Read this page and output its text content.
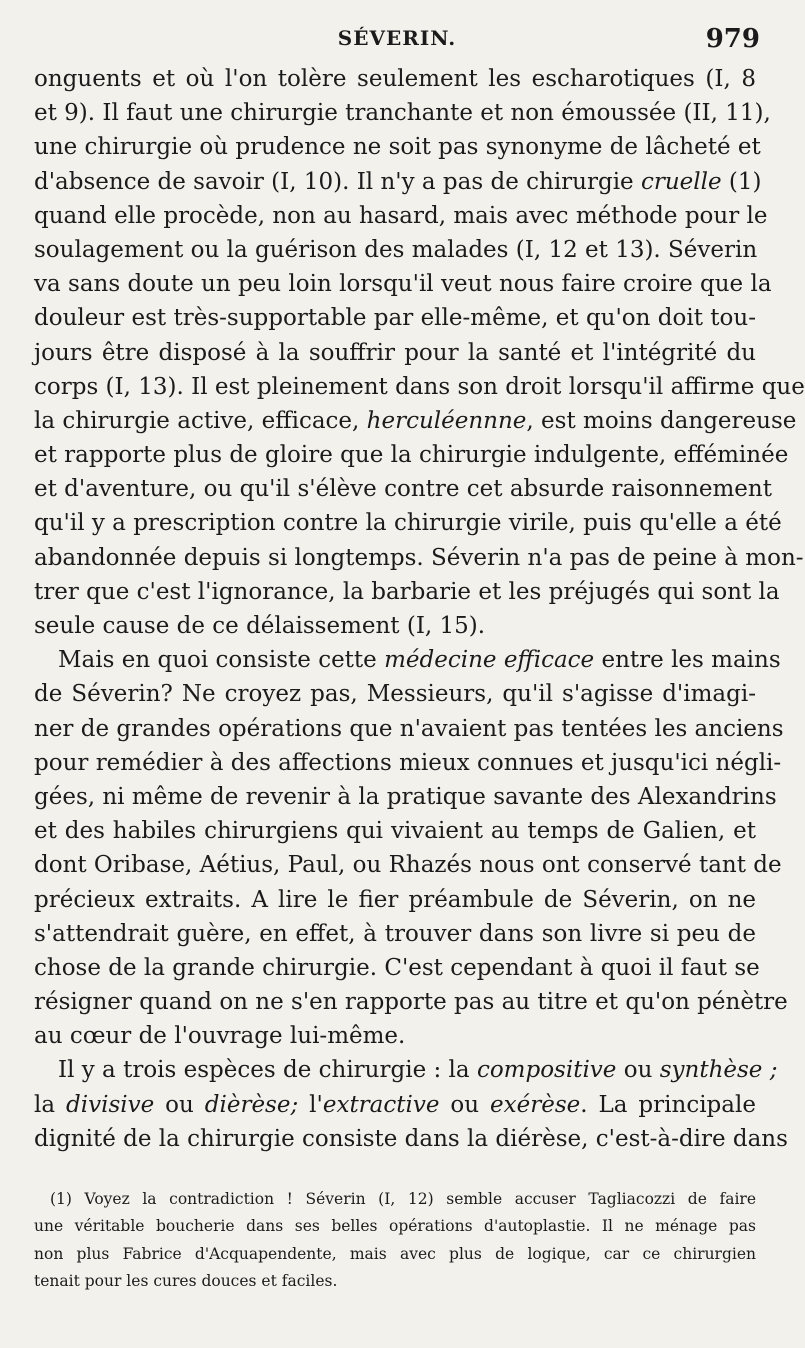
SÉVERIN.	979
onguents et où l'on tolère seulement les escharotiques (I, 8
et 9). Il faut une chirurgie tranchante et non émoussée (II, 11),
une chirurgie où prudence ne soit pas synonyme de lâcheté et
d'absence de savoir (I, 10). Il n'y a pas de chirurgie cruelle (1)
quand elle procède, non au hasard, mais avec méthode pour le
soulagement ou la guérison des malades (I, 12 et 13). Séverin
va sans doute un peu loin lorsqu'il veut nous faire croire que la
douleur est très-supportable par elle-même, et qu'on doit tou-
jours être disposé à la souffrir pour la santé et l'intégrité du
corps (I, 13). Il est pleinement dans son droit lorsqu'il affirme que
la chirurgie active, efficace, herculéennne, est moins dangereuse
et rapporte plus de gloire que la chirurgie indulgente, efféminée
et d'aventure, ou qu'il s'élève contre cet absurde raisonnement
qu'il y a prescription contre la chirurgie virile, puis qu'elle a été
abandonnée depuis si longtemps. Séverin n'a pas de peine à mon-
trer que c'est l'ignorance, la barbarie et les préjugés qui sont la
seule cause de ce délaissement (I, 15).
Mais en quoi consiste cette médecine efficace entre les mains
de Séverin? Ne croyez pas, Messieurs, qu'il s'agisse d'imagi-
ner de grandes opérations que n'avaient pas tentées les anciens
pour remédier à des affections mieux connues et jusqu'ici négli-
gées, ni même de revenir à la pratique savante des Alexandrins
et des habiles chirurgiens qui vivaient au temps de Galien, et
dont Oribase, Aétius, Paul, ou Rhazés nous ont conservé tant de
précieux extraits. A lire le fier préambule de Séverin, on ne
s'attendrait guère, en effet, à trouver dans son livre si peu de
chose de la grande chirurgie. C'est cependant à quoi il faut se
résigner quand on ne s'en rapporte pas au titre et qu'on pénètre
au cœur de l'ouvrage lui-même.
Il y a trois espèces de chirurgie : la compositive ou synthèse ;
la divisive ou dièrèse; l'extractive ou exérèse. La principale
dignité de la chirurgie consiste dans la diérèse, c'est-à-dire dans
(1) Voyez la contradiction ! Séverin (I, 12) semble accuser Tagliacozzi de faire
une véritable boucherie dans ses belles opérations d'autoplastie. Il ne ménage pas
non plus Fabrice d'Acquapendente, mais avec plus de logique, car ce chirurgien
tenait pour les cures douces et faciles.
